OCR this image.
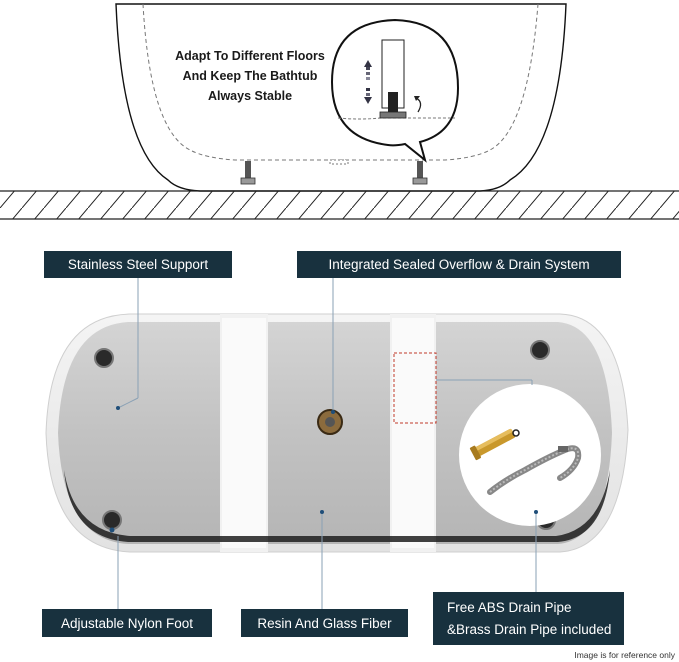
Adapt To Different Floors
And Keep The Bathtub
Always Stable
Stainless Steel Support	Integrated Sealed Overflow & Drain System
Adjustable Nylon Foot	Resin And Glass Fiber
Free ABS Drain Pipe
&Brass Drain Pipe included
Image is for reference only
